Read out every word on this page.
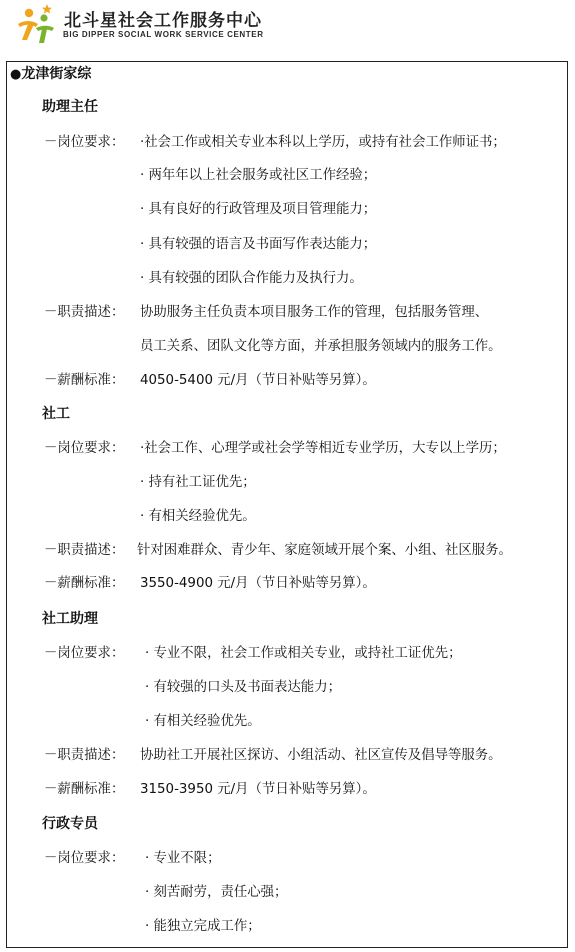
北斗星社会工作服务中心
BIG DIPPER SOCIAL WORK SERVICE CENTER
●龙津街家综
助理主任
－岗位要求： ·社会工作或相关专业本科以上学历，或持有社会工作师证书；
· 两年年以上社会服务或社区工作经验；
· 具有良好的行政管理及项目管理能力；
· 具有较强的语言及书面写作表达能力；
· 具有较强的团队合作能力及执行力。
－职责描述： 协助服务主任负责本项目服务工作的管理，包括服务管理、
员工关系、团队文化等方面，并承担服务领域内的服务工作。
－薪酬标准： 4050-5400 元/月（节日补贴等另算）。
社工
－岗位要求： ·社会工作、心理学或社会学等相近专业学历，大专以上学历；
· 持有社工证优先；
· 有相关经验优先。
－职责描述： 针对困难群众、青少年、家庭领域开展个案、小组、社区服务。
－薪酬标准： 3550-4900 元/月（节日补贴等另算）。
社工助理
－岗位要求： · 专业不限，社会工作或相关专业，或持社工证优先；
· 有较强的口头及书面表达能力；
· 有相关经验优先。
－职责描述： 协助社工开展社区探访、小组活动、社区宣传及倡导等服务。
－薪酬标准： 3150-3950 元/月（节日补贴等另算）。
行政专员
－岗位要求： · 专业不限；
· 刻苦耐劳，责任心强；
· 能独立完成工作；
